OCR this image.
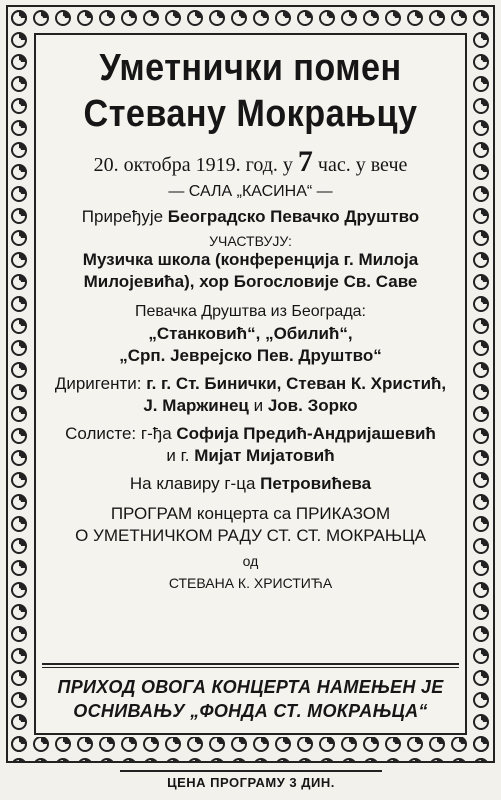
Уметнички помен
Стевану Мокрањцу
20. октобра 1919. год. у 7 час. у вече
— САЛА „КАСИНА“ —
Приређује Београдско Певачко Друштво
УЧАСТВУЈУ:
Музичка школа (конференција г. Милоја
Милојевића), хор Богословије Св. Саве
Певачка Друштва из Београда:
„Станковић“, „Обилић“,
„Срп. Јеврејско Пев. Друштво“
Диригенти: г. г. Ст. Бинички, Стеван К. Христић,
Ј. Маржинец и Јов. Зорко
Солисте: г-ђа Софија Предић-Андријашевић
и г. Мијат Мијатовић
На клавиру г-ца Петровићева
ПРОГРАМ концерта са ПРИКАЗОМ
О УМЕТНИЧКОМ РАДУ СТ. СТ. МОКРАЊЦА
од
СТЕВАНА К. ХРИСТИЋА
ПРИХОД ОВОГА КОНЦЕРТА НАМЕЊЕН ЈЕ
ОСНИВАЊУ „ФОНДА СТ. МОКРАЊЦА“
ЦЕНА ПРОГРАМУ 3 ДИН.
